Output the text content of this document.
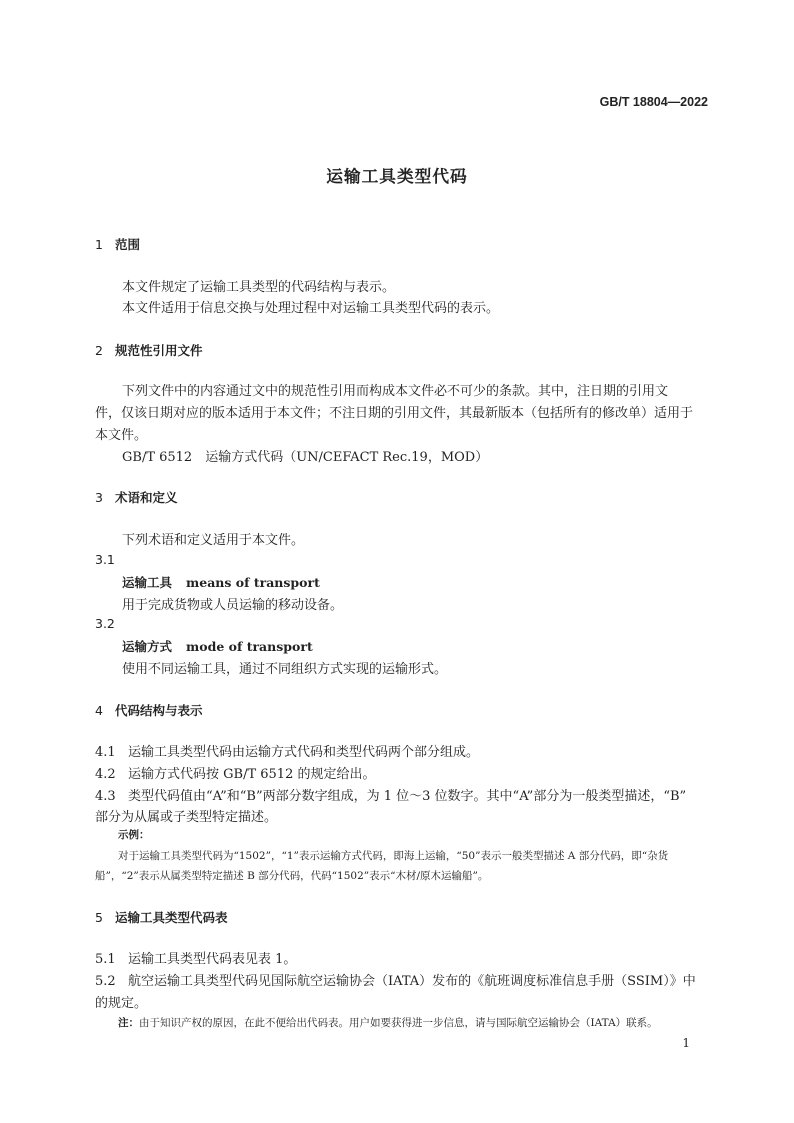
GB/T 18804—2022
运输工具类型代码
1 范围
本文件规定了运输工具类型的代码结构与表示。
本文件适用于信息交换与处理过程中对运输工具类型代码的表示。
2 规范性引用文件
下列文件中的内容通过文中的规范性引用而构成本文件必不可少的条款。其中，注日期的引用文
件，仅该日期对应的版本适用于本文件；不注日期的引用文件，其最新版本（包括所有的修改单）适用于
本文件。
GB/T 6512　运输方式代码（UN/CEFACT Rec.19，MOD）
3 术语和定义
下列术语和定义适用于本文件。
3.1
运输工具 means of transport
用于完成货物或人员运输的移动设备。
3.2
运输方式 mode of transport
使用不同运输工具，通过不同组织方式实现的运输形式。
4 代码结构与表示
4.1 运输工具类型代码由运输方式代码和类型代码两个部分组成。
4.2 运输方式代码按 GB/T 6512 的规定给出。
4.3 类型代码值由“A”和“B”两部分数字组成，为 1 位～3 位数字。其中“A”部分为一般类型描述，“B”
部分为从属或子类型特定描述。
示例：
对于运输工具类型代码为“1502”，“1”表示运输方式代码，即海上运输，“50”表示一般类型描述 A 部分代码，即“杂货
船”，“2”表示从属类型特定描述 B 部分代码，代码“1502”表示“木材/原木运输船”。
5 运输工具类型代码表
5.1 运输工具类型代码表见表 1。
5.2 航空运输工具类型代码见国际航空运输协会（IATA）发布的《航班调度标准信息手册（SSIM）》中
的规定。
注：由于知识产权的原因，在此不便给出代码表。用户如要获得进一步信息，请与国际航空运输协会（IATA）联系。
1
